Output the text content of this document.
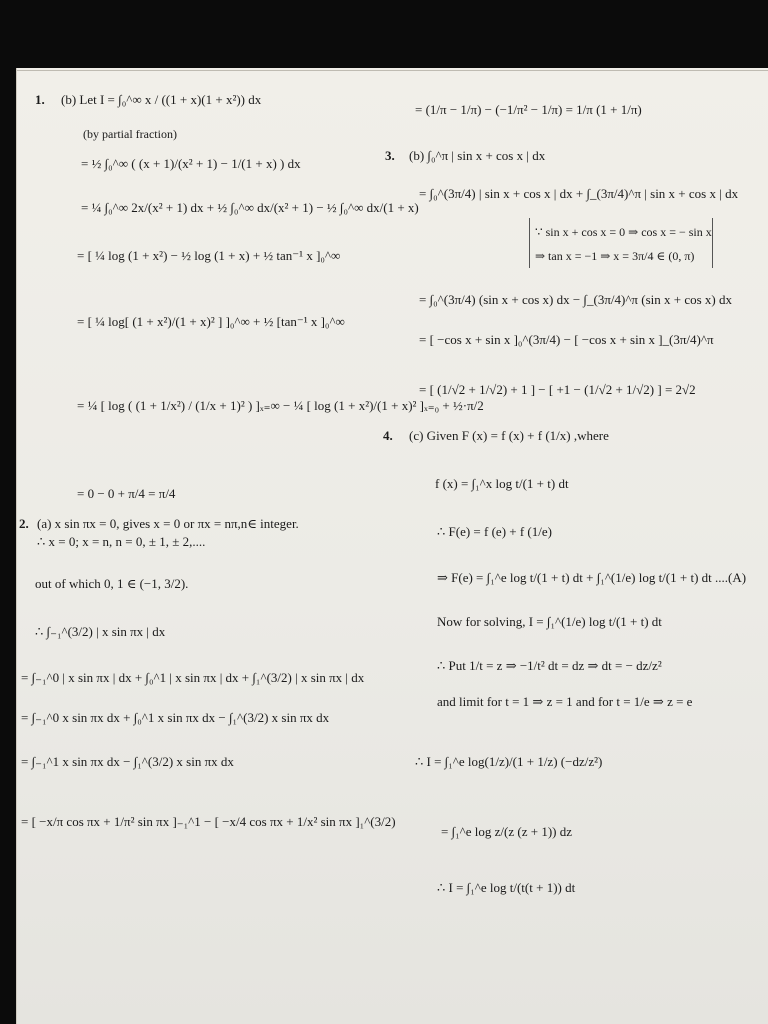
1. (b) Let I = ∫₀^∞ x / ((1 + x)(1 + x²)) dx
(by partial fraction)
= ½ ∫₀^∞ ( (x + 1)/(x² + 1) − 1/(1 + x) ) dx
= ¼ ∫₀^∞ 2x/(x² + 1) dx + ½ ∫₀^∞ dx/(x² + 1) − ½ ∫₀^∞ dx/(1 + x)
= [ ¼ log (1 + x²) − ½ log (1 + x) + ½ tan⁻¹ x ]₀^∞
= [ ¼ log[ (1 + x²)/(1 + x)² ] ]₀^∞ + ½ [tan⁻¹ x ]₀^∞
= ¼ [ log ( (1 + 1/x²) / (1/x + 1)² ) ]ₓ₌∞ − ¼ [ log (1 + x²)/(1 + x)² ]ₓ₌₀ + ½·π/2
= 0 − 0 + π/4 = π/4
2. (a) x sin πx = 0, gives x = 0 or πx = nπ,n∈ integer.
∴ x = 0; x = n, n = 0, ± 1, ± 2,....
out of which 0, 1 ∈ (−1, 3/2).
∴ ∫₋₁^(3/2) | x sin πx | dx
= ∫₋₁^0 | x sin πx | dx + ∫₀^1 | x sin πx | dx + ∫₁^(3/2) | x sin πx | dx
= ∫₋₁^0 x sin πx dx + ∫₀^1 x sin πx dx − ∫₁^(3/2) x sin πx dx
= ∫₋₁^1 x sin πx dx − ∫₁^(3/2) x sin πx dx
= [ −x/π cos πx + 1/π² sin πx ]₋₁^1 − [ −x/4 cos πx + 1/x² sin πx ]₁^(3/2)
= (1/π − 1/π) − (−1/π² − 1/π) = 1/π (1 + 1/π)
3. (b) ∫₀^π | sin x + cos x | dx
= ∫₀^(3π/4) | sin x + cos x | dx + ∫_(3π/4)^π | sin x + cos x | dx
∵ sin x + cos x = 0 ⇒ cos x = − sin x
⇒ tan x = −1 ⇒ x = 3π/4 ∈ (0, π)
= ∫₀^(3π/4) (sin x + cos x) dx − ∫_(3π/4)^π (sin x + cos x) dx
= [ −cos x + sin x ]₀^(3π/4) − [ −cos x + sin x ]_(3π/4)^π
= [ (1/√2 + 1/√2) + 1 ] − [ +1 − (1/√2 + 1/√2) ] = 2√2
4. (c) Given F (x) = f (x) + f (1/x) ,where
f (x) = ∫₁^x log t/(1 + t) dt
∴ F(e) = f (e) + f (1/e)
⇒ F(e) = ∫₁^e log t/(1 + t) dt + ∫₁^(1/e) log t/(1 + t) dt ....(A)
Now for solving, I = ∫₁^(1/e) log t/(1 + t) dt
∴ Put 1/t = z ⇒ −1/t² dt = dz ⇒ dt = − dz/z²
and limit for t = 1 ⇒ z = 1 and for t = 1/e ⇒ z = e
∴ I = ∫₁^e log(1/z)/(1 + 1/z) (−dz/z²)
= ∫₁^e log z/(z (z + 1)) dz
∴ I = ∫₁^e log t/(t(t + 1)) dt
